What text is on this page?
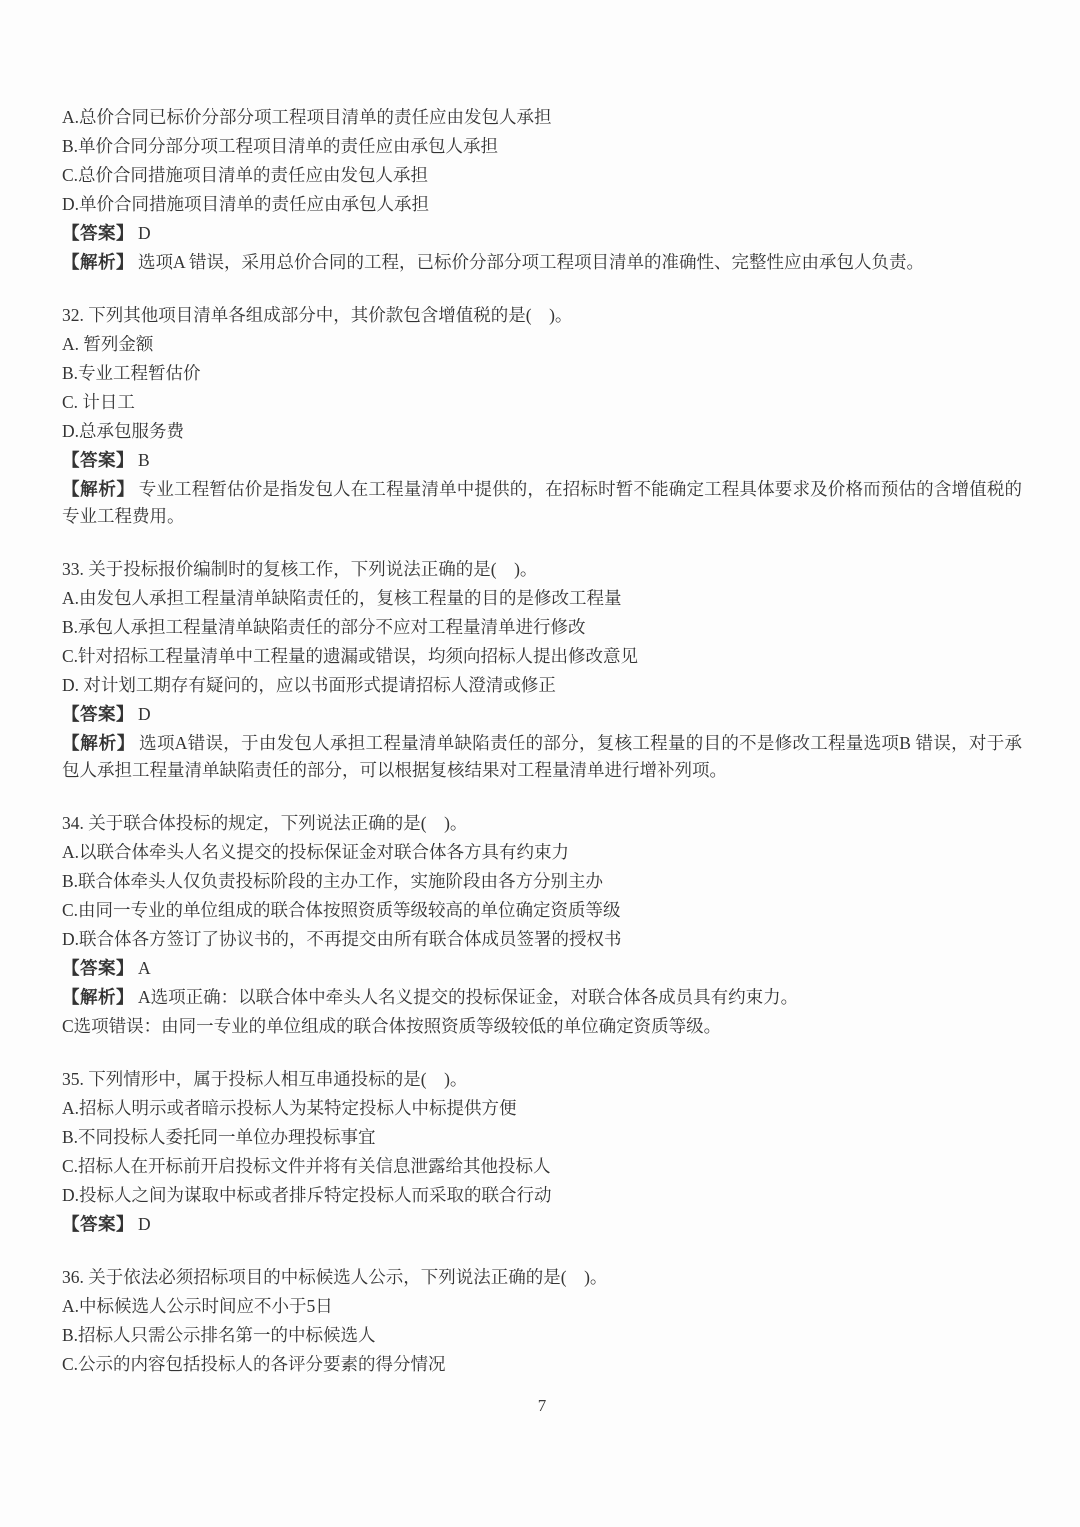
A.总价合同已标价分部分项工程项目清单的责任应由发包人承担

B.单价合同分部分项工程项目清单的责任应由承包人承担

C.总价合同措施项目清单的责任应由发包人承担

D.单价合同措施项目清单的责任应由承包人承担

【答案】 D

【解析】 选项A 错误，采用总价合同的工程，已标价分部分项工程项目清单的准确性、完整性应由承包人负责。

32. 下列其他项目清单各组成部分中，其价款包含增值税的是(　)。

A. 暂列金额

B.专业工程暂估价

C. 计日工

D.总承包服务费

【答案】 B

【解析】 专业工程暂估价是指发包人在工程量清单中提供的，在招标时暂不能确定工程具体要求及价格而预估的含增值税的专业工程费用。

33. 关于投标报价编制时的复核工作，下列说法正确的是(　)。

A.由发包人承担工程量清单缺陷责任的，复核工程量的目的是修改工程量

B.承包人承担工程量清单缺陷责任的部分不应对工程量清单进行修改

C.针对招标工程量清单中工程量的遗漏或错误，均须向招标人提出修改意见

D. 对计划工期存有疑问的，应以书面形式提请招标人澄清或修正

【答案】 D

【解析】 选项A错误，于由发包人承担工程量清单缺陷责任的部分，复核工程量的目的不是修改工程量选项B 错误，对于承包人承担工程量清单缺陷责任的部分，可以根据复核结果对工程量清单进行增补列项。

34. 关于联合体投标的规定，下列说法正确的是(　)。

A.以联合体牵头人名义提交的投标保证金对联合体各方具有约束力

B.联合体牵头人仅负责投标阶段的主办工作，实施阶段由各方分别主办

C.由同一专业的单位组成的联合体按照资质等级较高的单位确定资质等级

D.联合体各方签订了协议书的，不再提交由所有联合体成员签署的授权书

【答案】 A

【解析】 A选项正确：以联合体中牵头人名义提交的投标保证金，对联合体各成员具有约束力。

C选项错误：由同一专业的单位组成的联合体按照资质等级较低的单位确定资质等级。

35. 下列情形中，属于投标人相互串通投标的是(　)。

A.招标人明示或者暗示投标人为某特定投标人中标提供方便

B.不同投标人委托同一单位办理投标事宜

C.招标人在开标前开启投标文件并将有关信息泄露给其他投标人

D.投标人之间为谋取中标或者排斥特定投标人而采取的联合行动

【答案】 D

36. 关于依法必须招标项目的中标候选人公示，下列说法正确的是(　)。

A.中标候选人公示时间应不小于5日

B.招标人只需公示排名第一的中标候选人

C.公示的内容包括投标人的各评分要素的得分情况

7
